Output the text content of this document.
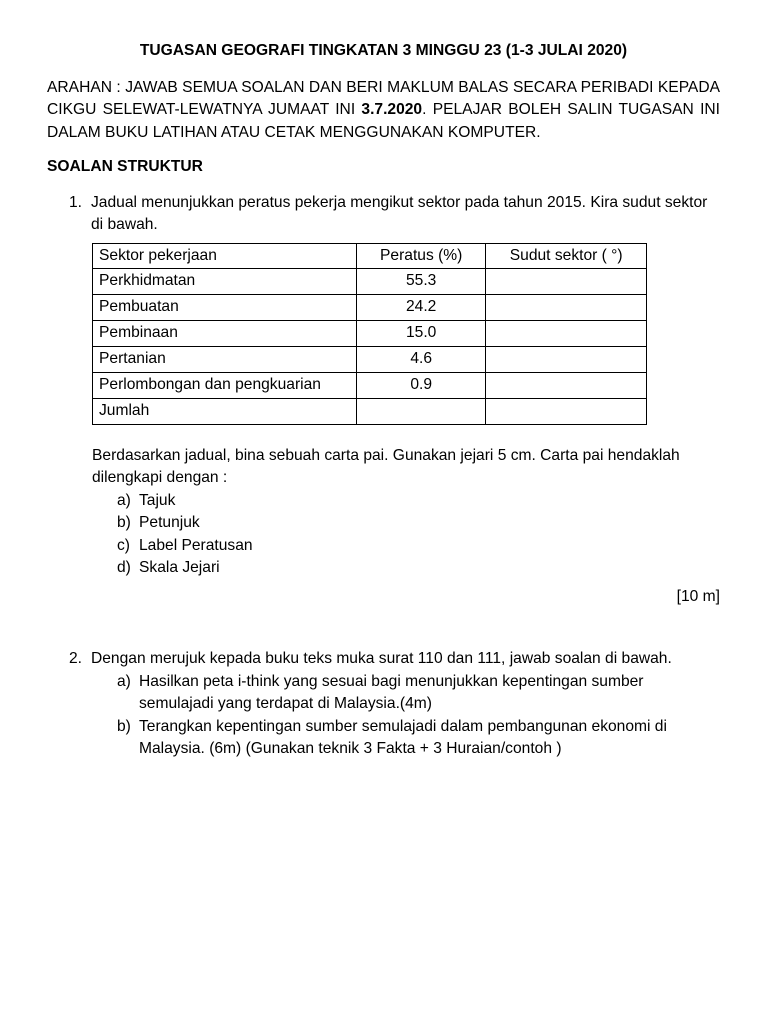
TUGASAN GEOGRAFI TINGKATAN 3 MINGGU 23 (1-3 JULAI 2020)
ARAHAN : JAWAB SEMUA SOALAN DAN BERI MAKLUM BALAS SECARA PERIBADI KEPADA CIKGU SELEWAT-LEWATNYA JUMAAT INI 3.7.2020. PELAJAR BOLEH SALIN TUGASAN INI DALAM BUKU LATIHAN ATAU CETAK MENGGUNAKAN KOMPUTER.
SOALAN STRUKTUR
1. Jadual menunjukkan peratus pekerja mengikut sektor pada tahun 2015. Kira sudut sektor di bawah.
Sektor pekerjaan	Peratus (%)	Sudut sektor ( °)
Perkhidmatan	55.3	
Pembuatan	24.2	
Pembinaan	15.0	
Pertanian	4.6	
Perlombongan dan pengkuarian	0.9	
Jumlah		
Berdasarkan jadual, bina sebuah carta pai. Gunakan jejari 5 cm. Carta pai hendaklah dilengkapi dengan :
a) Tajuk
b) Petunjuk
c) Label Peratusan
d) Skala Jejari
[10 m]
2. Dengan merujuk kepada buku teks muka surat 110 dan 111, jawab soalan di bawah.
a) Hasilkan peta i-think yang sesuai bagi menunjukkan kepentingan sumber semulajadi yang terdapat di Malaysia.(4m)
b) Terangkan kepentingan sumber semulajadi dalam pembangunan ekonomi di Malaysia. (6m) (Gunakan teknik 3 Fakta + 3 Huraian/contoh )
